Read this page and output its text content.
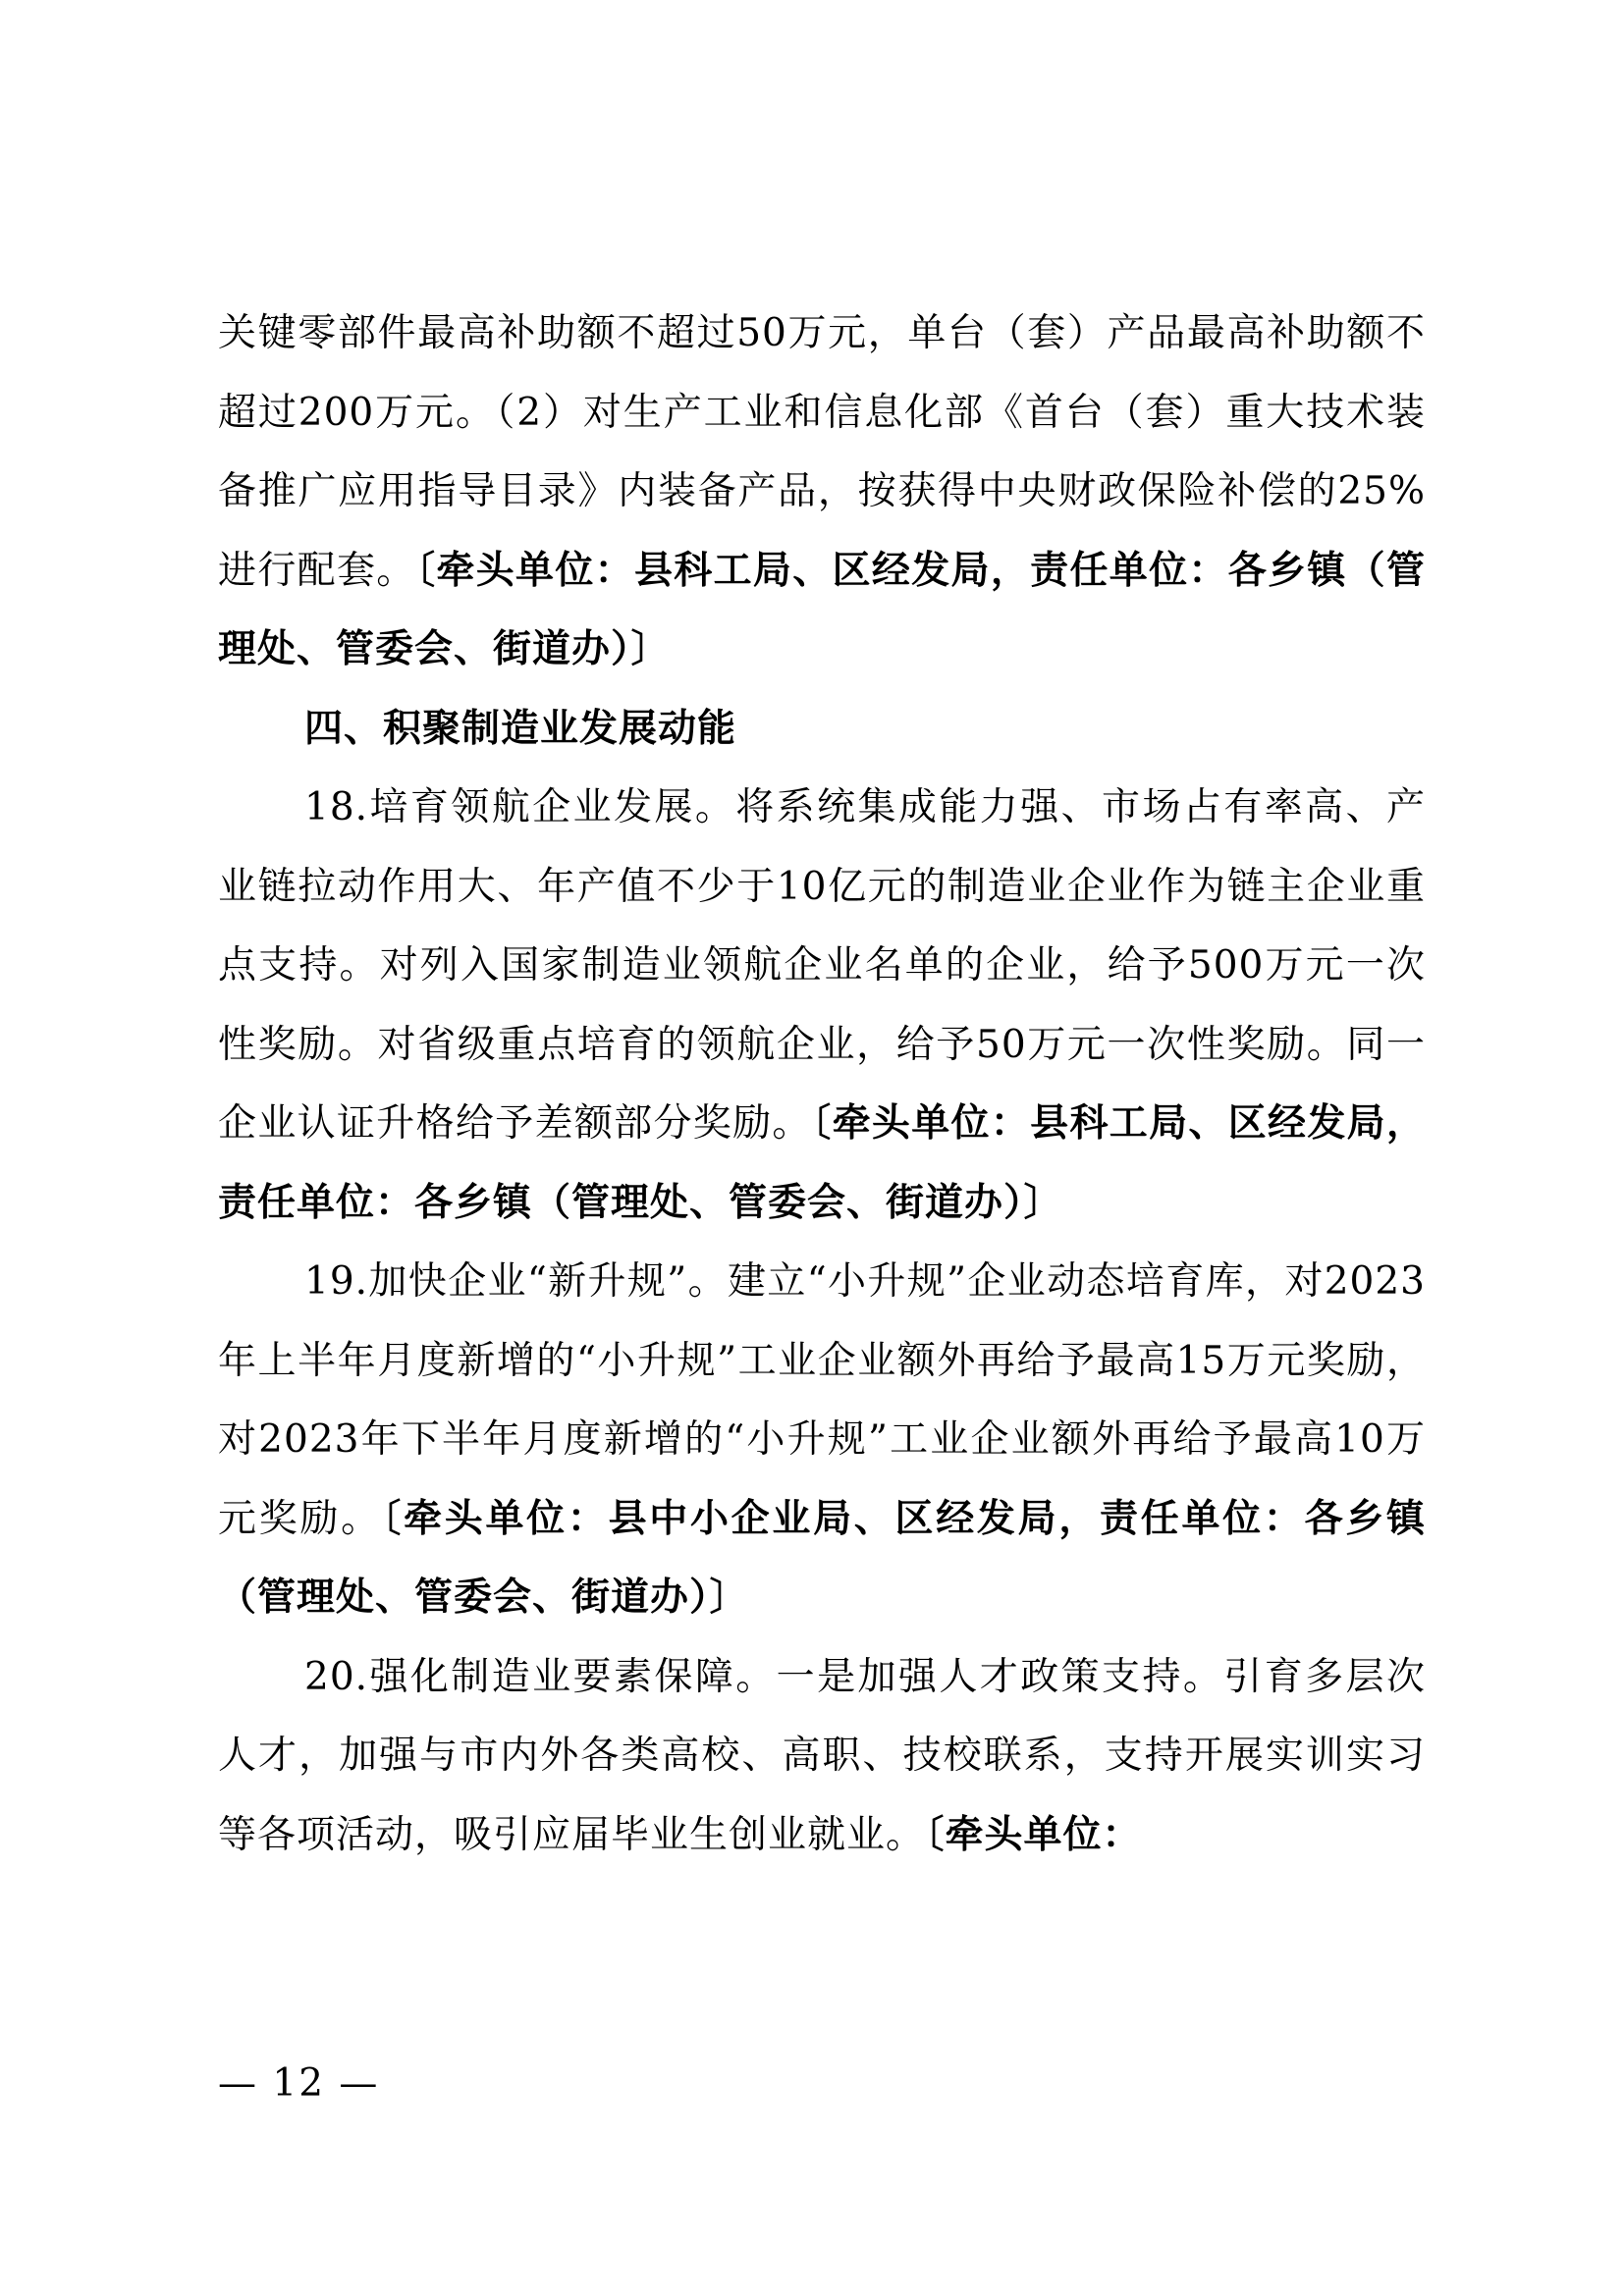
关键零部件最高补助额不超过50万元，单台（套）产品最高补助额不超过200万元。（2）对生产工业和信息化部《首台（套）重大技术装备推广应用指导目录》内装备产品，按获得中央财政保险补偿的25%进行配套。〔牵头单位：县科工局、区经发局，责任单位：各乡镇（管理处、管委会、街道办）〕

四、积聚制造业发展动能

18.培育领航企业发展。将系统集成能力强、市场占有率高、产业链拉动作用大、年产值不少于10亿元的制造业企业作为链主企业重点支持。对列入国家制造业领航企业名单的企业，给予500万元一次性奖励。对省级重点培育的领航企业，给予50万元一次性奖励。同一企业认证升格给予差额部分奖励。〔牵头单位：县科工局、区经发局，责任单位：各乡镇（管理处、管委会、街道办）〕

19.加快企业“新升规”。建立“小升规”企业动态培育库，对2023年上半年月度新增的“小升规”工业企业额外再给予最高15万元奖励，对2023年下半年月度新增的“小升规”工业企业额外再给予最高10万元奖励。〔牵头单位：县中小企业局、区经发局，责任单位：各乡镇（管理处、管委会、街道办）〕

20.强化制造业要素保障。一是加强人才政策支持。引育多层次人才，加强与市内外各类高校、高职、技校联系，支持开展实训实习等各项活动，吸引应届毕业生创业就业。〔牵头单位：

— 12 —
